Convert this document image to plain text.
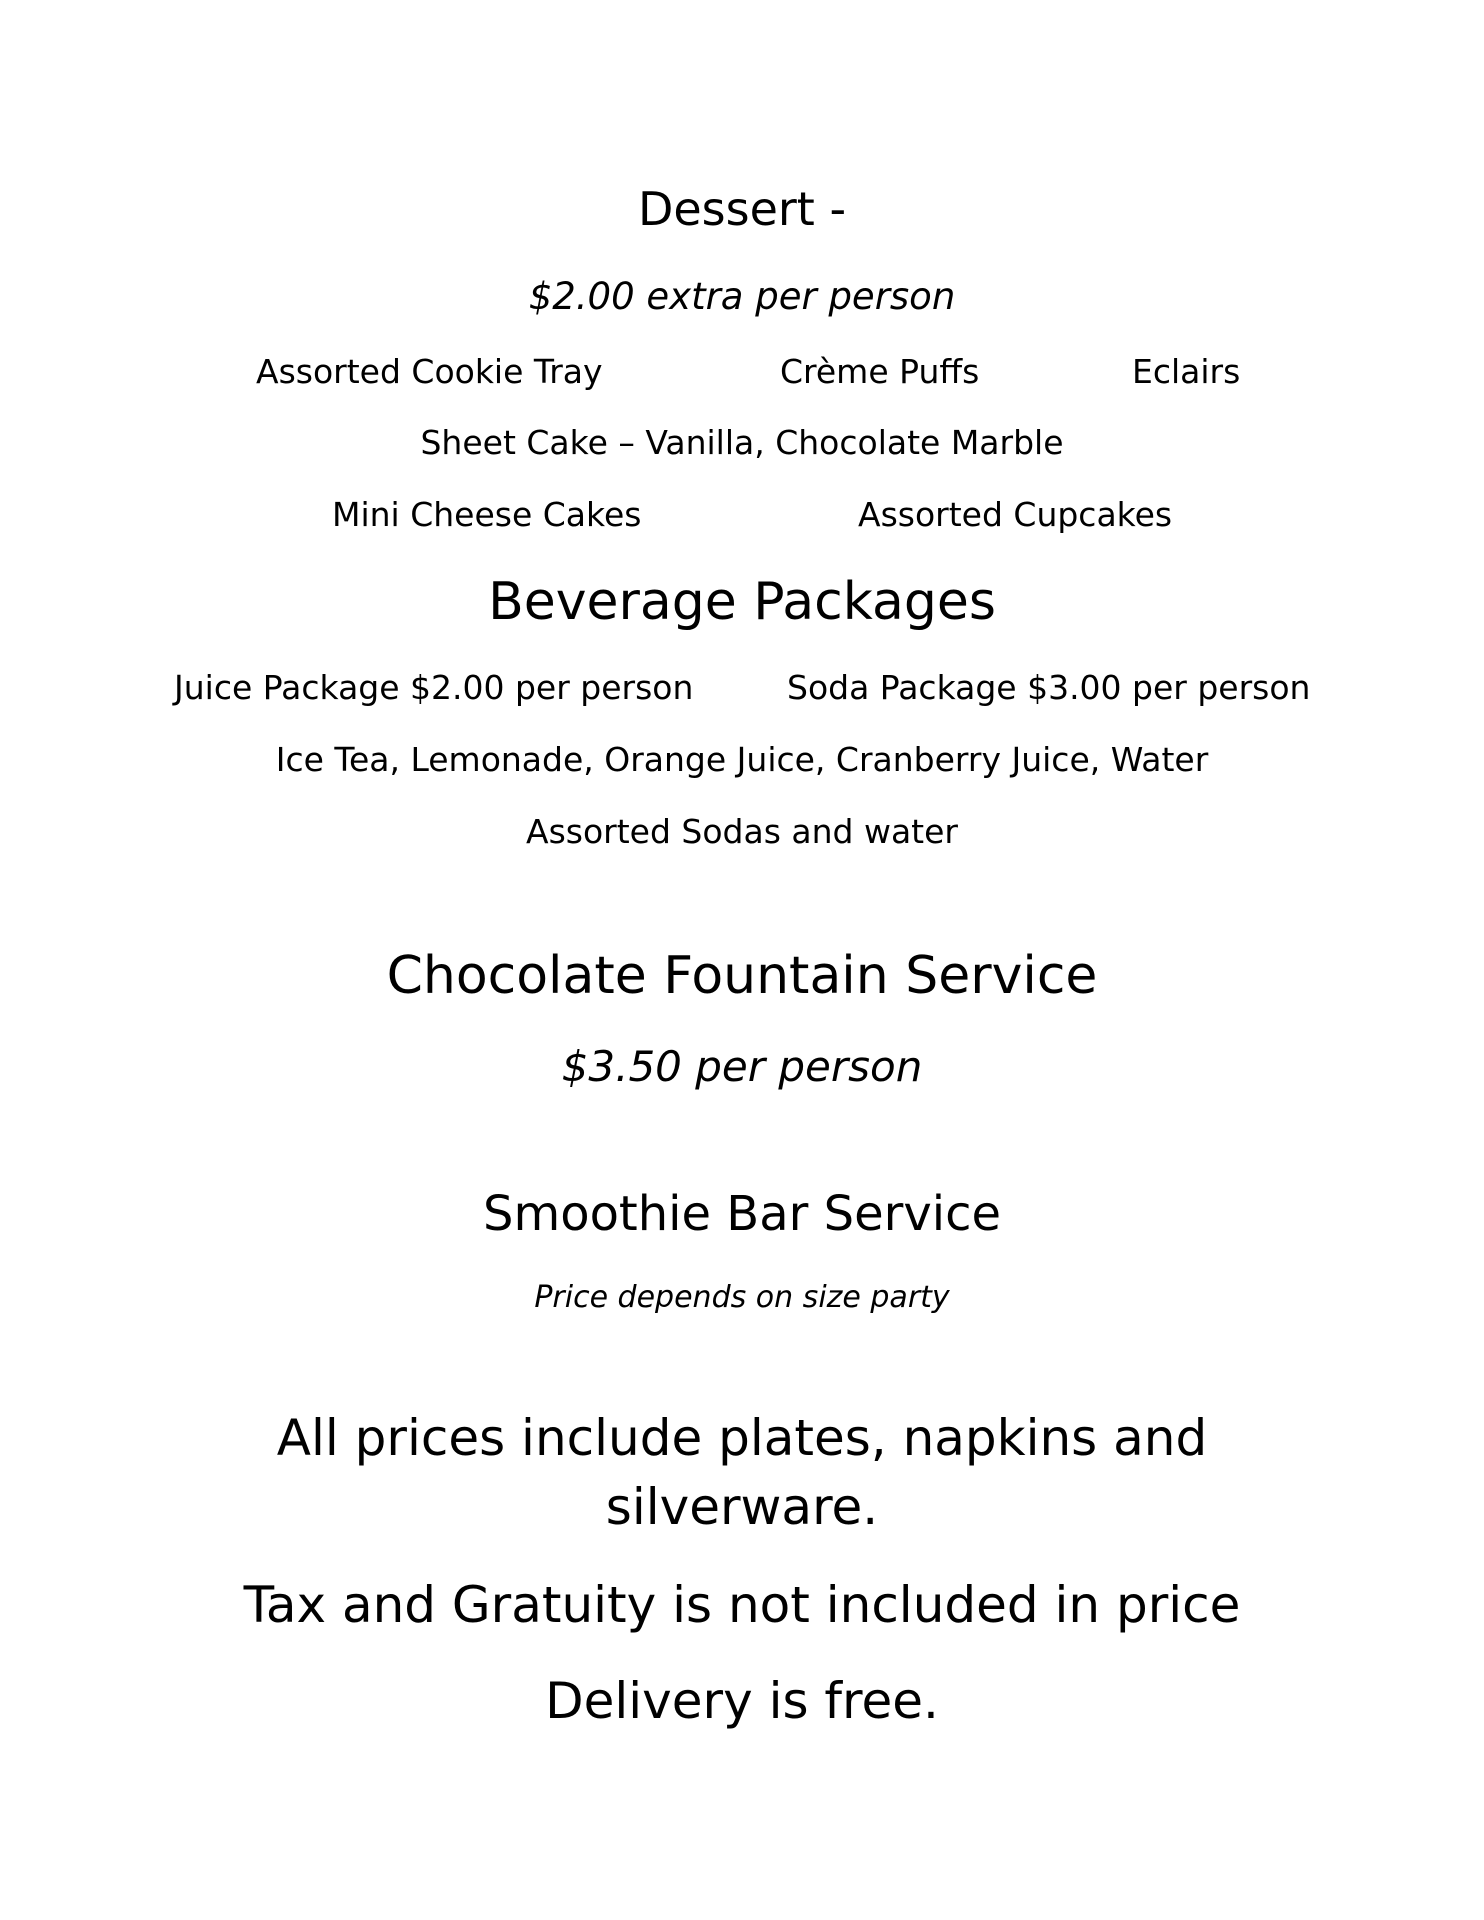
Dessert -
$2.00 extra per person
Assorted Cookie Tray	Crème Puffs	Eclairs
Sheet Cake – Vanilla, Chocolate Marble
Mini Cheese Cakes	Assorted Cupcakes
Beverage Packages
Juice Package $2.00 per person	Soda Package $3.00 per person
Ice Tea, Lemonade, Orange Juice, Cranberry Juice, Water
Assorted Sodas and water
Chocolate Fountain Service
$3.50 per person
Smoothie Bar Service
Price depends on size party
All prices include plates, napkins and
silverware.
Tax and Gratuity is not included in price
Delivery is free.
